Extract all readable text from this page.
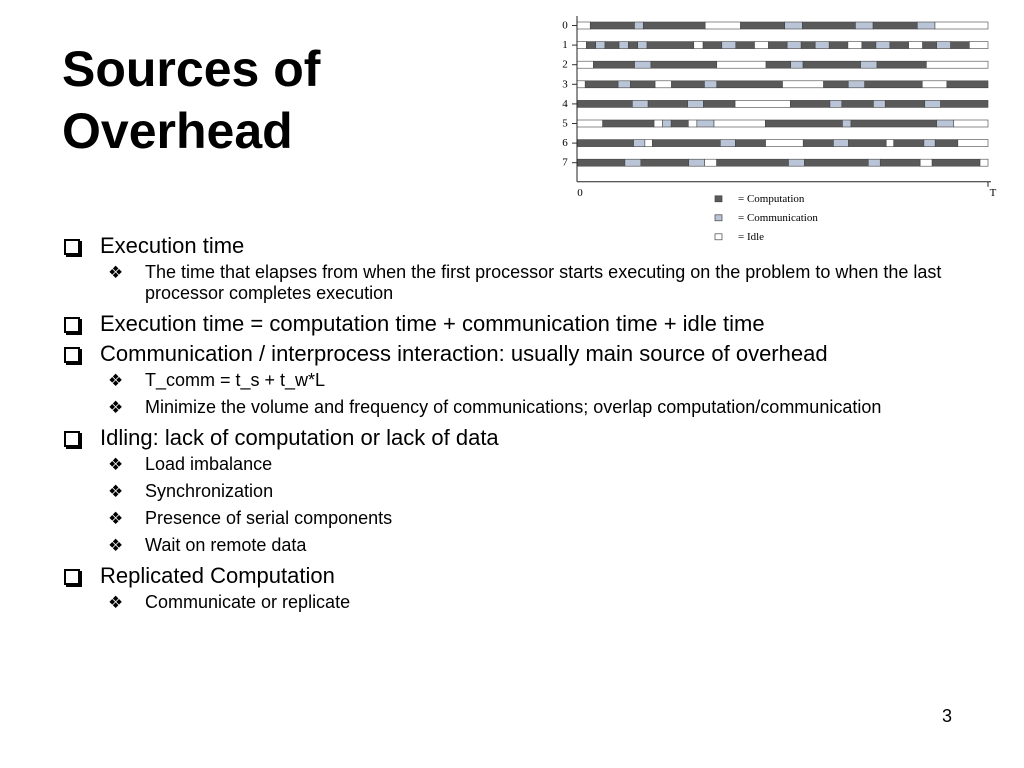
Sources of
Overhead
0
1
2
3
4
5
6
7
0	T
= Computation
= Communication
= Idle
Execution time
❖ The time that elapses from when the first processor starts executing on the problem to when the last processor completes execution
Execution time = computation time + communication time + idle time
Communication / interprocess interaction: usually main source of overhead
❖ T_comm = t_s + t_w*L
❖ Minimize the volume and frequency of communications; overlap computation/communication
Idling: lack of computation or lack of data
❖ Load imbalance
❖ Synchronization
❖ Presence of serial components
❖ Wait on remote data
Replicated Computation
❖ Communicate or replicate
3
